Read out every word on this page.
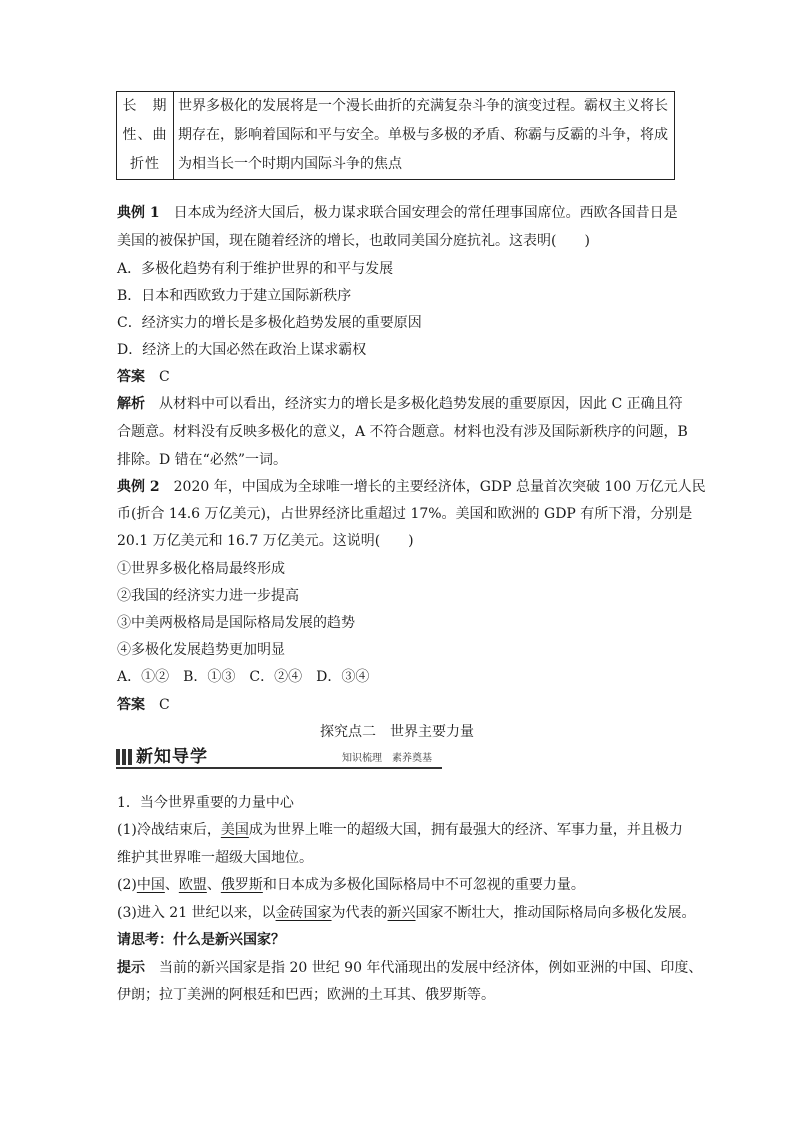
长　期
性、曲
折性

世界多极化的发展将是一个漫长曲折的充满复杂斗争的演变过程。霸权主义将长
期存在，影响着国际和平与安全。单极与多极的矛盾、称霸与反霸的斗争，将成
为相当长一个时期内国际斗争的焦点
典例 1　 日本成为经济大国后，极力谋求联合国安理会的常任理事国席位。西欧各国昔日是
美国的被保护国，现在随着经济的增长，也敢同美国分庭抗礼。这表明(　　)
A．多极化趋势有利于维护世界的和平与发展
B．日本和西欧致力于建立国际新秩序
C．经济实力的增长是多极化趋势发展的重要原因
D．经济上的大国必然在政治上谋求霸权
答案　 C
解析　 从材料中可以看出，经济实力的增长是多极化趋势发展的重要原因，因此 C 正确且符
合题意。材料没有反映多极化的意义，A 不符合题意。材料也没有涉及国际新秩序的问题，B
排除。D 错在“必然”一词。
典例 2　 2020 年，中国成为全球唯一增长的主要经济体，GDP 总量首次突破 100 万亿元人民
币(折合 14.6 万亿美元)，占世界经济比重超过 17%。美国和欧洲的 GDP 有所下滑，分别是
20.1 万亿美元和 16.7 万亿美元。这说明(　　)
①世界多极化格局最终形成
②我国的经济实力进一步提高
③中美两极格局是国际格局发展的趋势
④多极化发展趋势更加明显
A．①②　B．①③　C．②④　D．③④
答案　 C
探究点二　世界主要力量
新知导学	知识梳理　素养奠基
1．当今世界重要的力量中心
(1)冷战结束后，美国成为世界上唯一的超级大国，拥有最强大的经济、军事力量，并且极力
维护其世界唯一超级大国地位。
(2)中国、欧盟、俄罗斯和日本成为多极化国际格局中不可忽视的重要力量。
(3)进入 21 世纪以来，以金砖国家为代表的新兴国家不断壮大，推动国际格局向多极化发展。
请思考：什么是新兴国家？
提示　 当前的新兴国家是指 20 世纪 90 年代涌现出的发展中经济体，例如亚洲的中国、印度、
伊朗；拉丁美洲的阿根廷和巴西；欧洲的土耳其、俄罗斯等。
